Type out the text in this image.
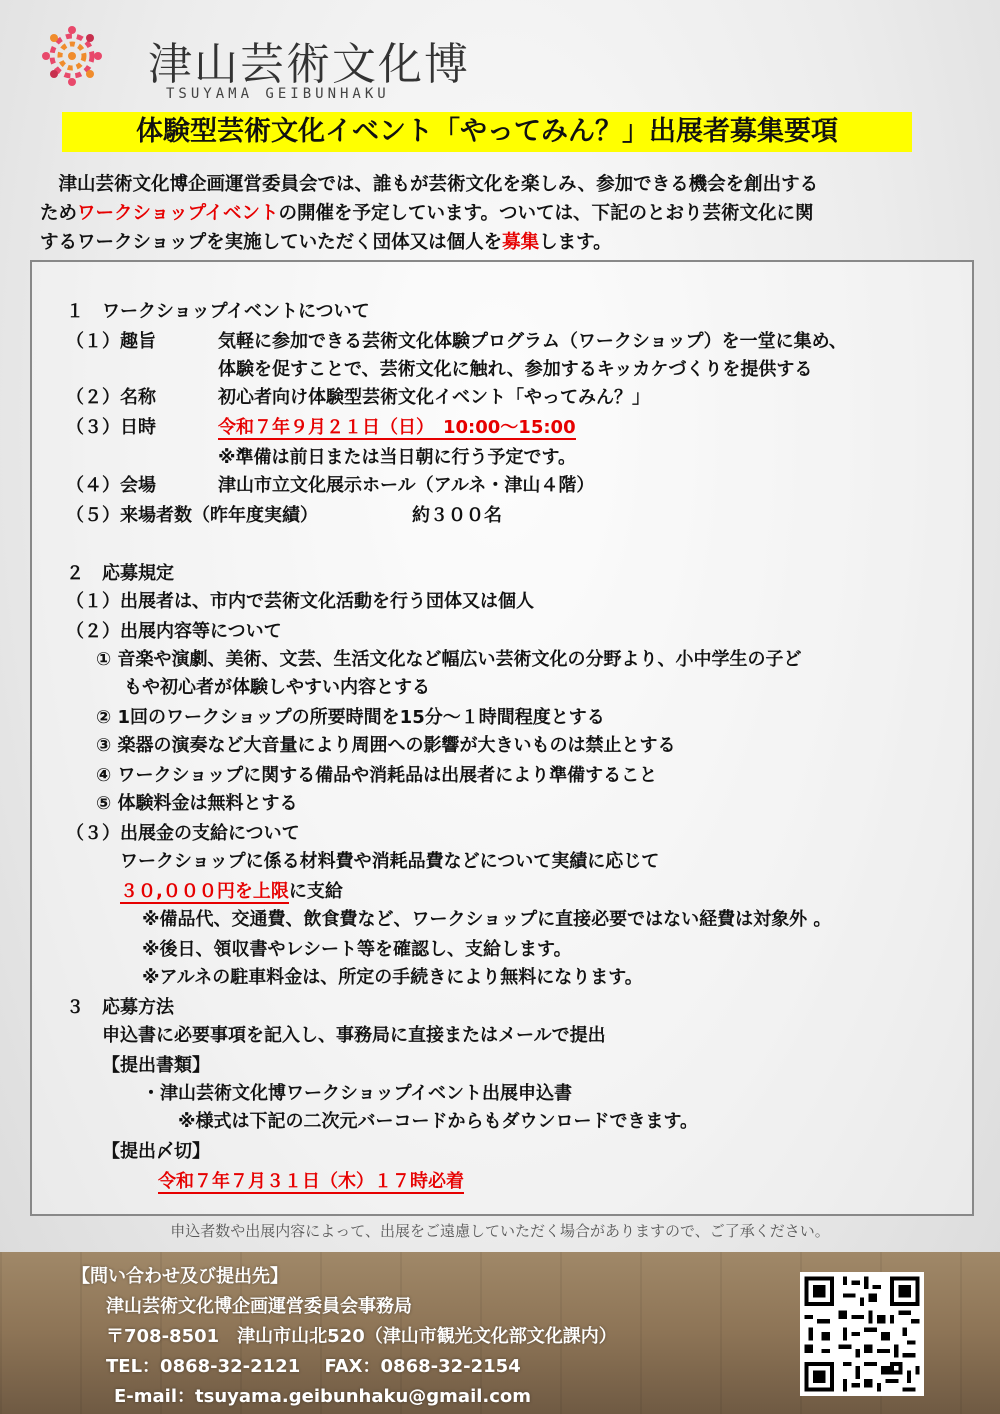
津山芸術文化博
TSUYAMA GEIBUNHAKU
体験型芸術文化イベント「やってみん？」出展者募集要項
　津山芸術文化博企画運営委員会では、誰もが芸術文化を楽しみ、参加できる機会を創出する
ためワークショップイベントの開催を予定しています。ついては、下記のとおり芸術文化に関
するワークショップを実施していただく団体又は個人を募集します。
１　ワークショップイベントについて
（１）趣旨	気軽に参加できる芸術文化体験プログラム（ワークショップ）を一堂に集め、
体験を促すことで、芸術文化に触れ、参加するキッカケづくりを提供する
（２）名称	初心者向け体験型芸術文化イベント「やってみん？」
（３）日時	令和７年９月２１日（日）　10:00～15:00
※準備は前日または当日朝に行う予定です。
（４）会場	津山市立文化展示ホール（アルネ・津山４階）
（５）来場者数（昨年度実績）	約３００名
２　応募規定
（１）出展者は、市内で芸術文化活動を行う団体又は個人
（２）出展内容等について
① 音楽や演劇、美術、文芸、生活文化など幅広い芸術文化の分野より、小中学生の子ど
もや初心者が体験しやすい内容とする
② 1回のワークショップの所要時間を15分～１時間程度とする
③ 楽器の演奏など大音量により周囲への影響が大きいものは禁止とする
④ ワークショップに関する備品や消耗品は出展者により準備すること
⑤ 体験料金は無料とする
（３）出展金の支給について
ワークショップに係る材料費や消耗品費などについて実績に応じて
３０,０００円を上限に支給
※備品代、交通費、飲食費など、ワークショップに直接必要ではない経費は対象外 。
※後日、領収書やレシート等を確認し、支給します。
※アルネの駐車料金は、所定の手続きにより無料になります。
３　応募方法
申込書に必要事項を記入し、事務局に直接またはメールで提出
【提出書類】
・津山芸術文化博ワークショップイベント出展申込書
※様式は下記の二次元バーコードからもダウンロードできます。
【提出〆切】
令和７年７月３１日（木）１７時必着
申込者数や出展内容によって、出展をご遠慮していただく場合がありますので、ご了承ください。
【問い合わせ及び提出先】
津山芸術文化博企画運営委員会事務局
〒708-8501　津山市山北520（津山市観光文化部文化課内）
TEL：0868-32-2121　 FAX：0868-32-2154
E-mail：tsuyama.geibunhaku@gmail.com
